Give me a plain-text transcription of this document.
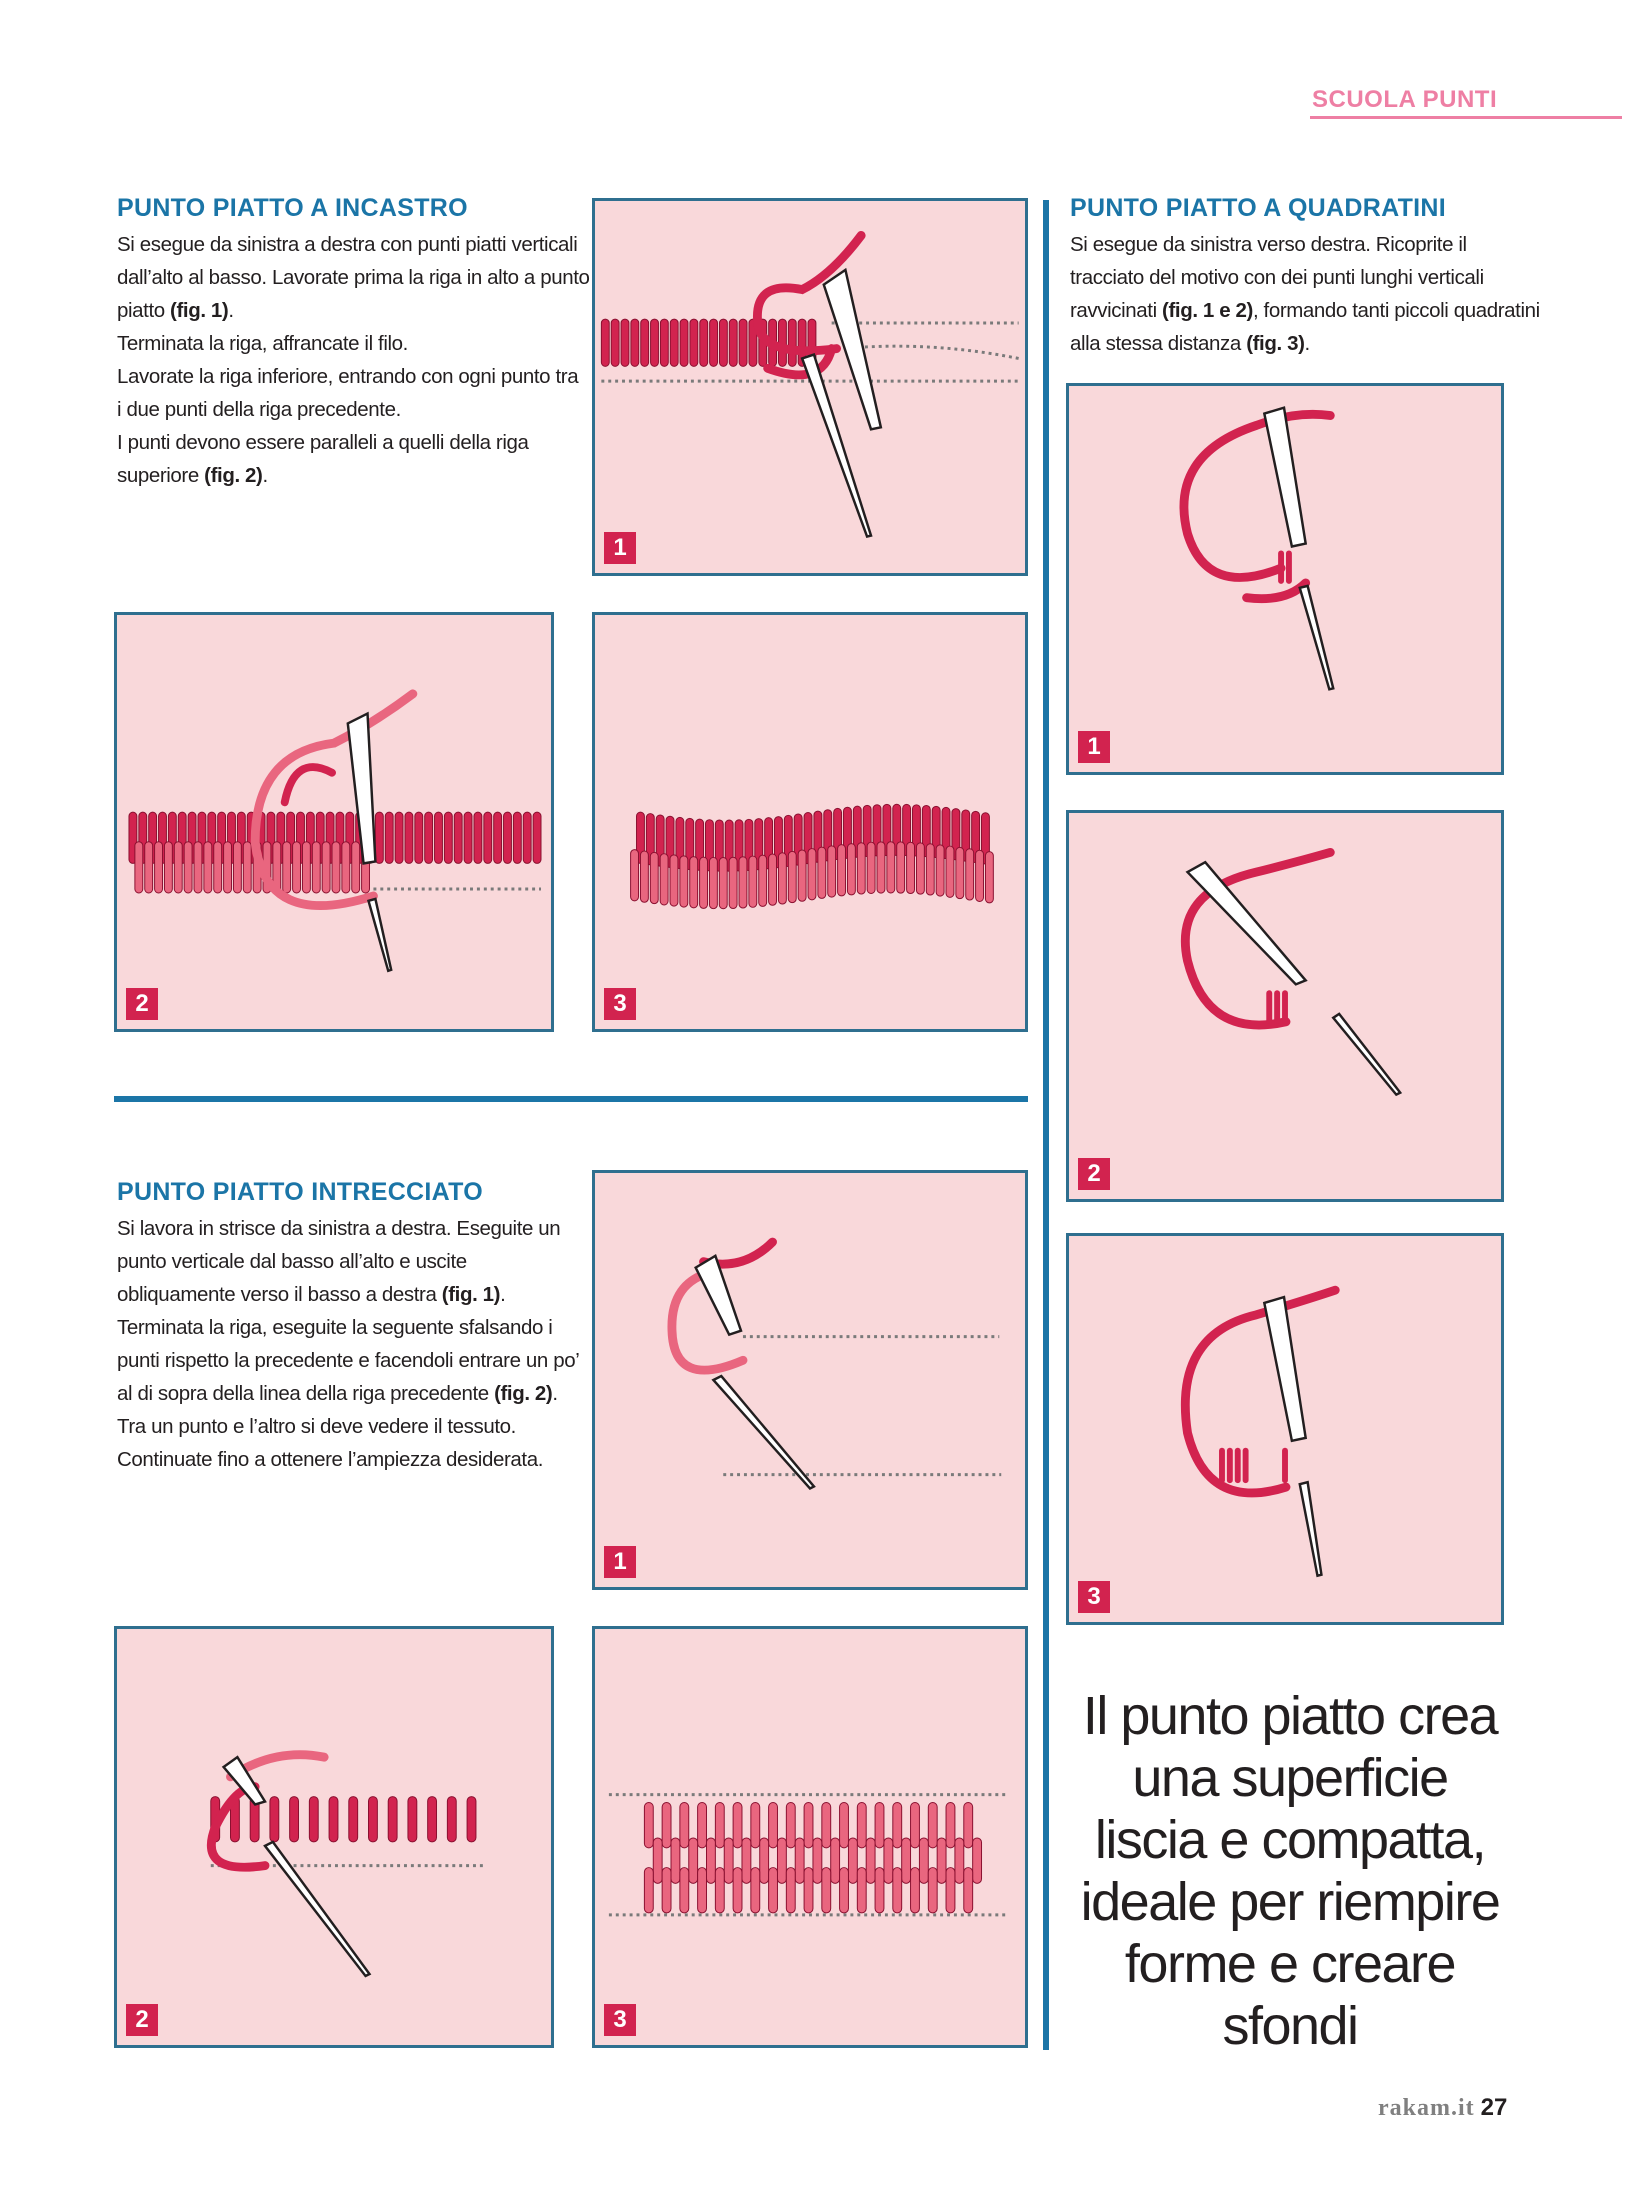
SCUOLA PUNTI
PUNTO PIATTO A INCASTRO
Si esegue da sinistra a destra con punti piatti verticali
dall’alto al basso. Lavorate prima la riga in alto a punto
piatto (fig. 1).
Terminata la riga, affrancate il filo.
Lavorate la riga inferiore, entrando con ogni punto tra
i due punti della riga precedente.
I punti devono essere paralleli a quelli della riga
superiore (fig. 2).
1
2	3
PUNTO PIATTO A QUADRATINI
Si esegue da sinistra verso destra. Ricoprite il
tracciato del motivo con dei punti lunghi verticali
ravvicinati (fig. 1 e 2), formando tanti piccoli quadratini
alla stessa distanza (fig. 3).
1
2
3
PUNTO PIATTO INTRECCIATO
Si lavora in strisce da sinistra a destra. Eseguite un
punto verticale dal basso all’alto e uscite
obliquamente verso il basso a destra (fig. 1).
Terminata la riga, eseguite la seguente sfalsando i
punti rispetto la precedente e facendoli entrare un po’
al di sopra della linea della riga precedente (fig. 2).
Tra un punto e l’altro si deve vedere il tessuto.
Continuate fino a ottenere l’ampiezza desiderata.
1
2	3
Il punto piatto crea
una superficie
liscia e compatta,
ideale per riempire
forme e creare
sfondi
rakam.it 27
